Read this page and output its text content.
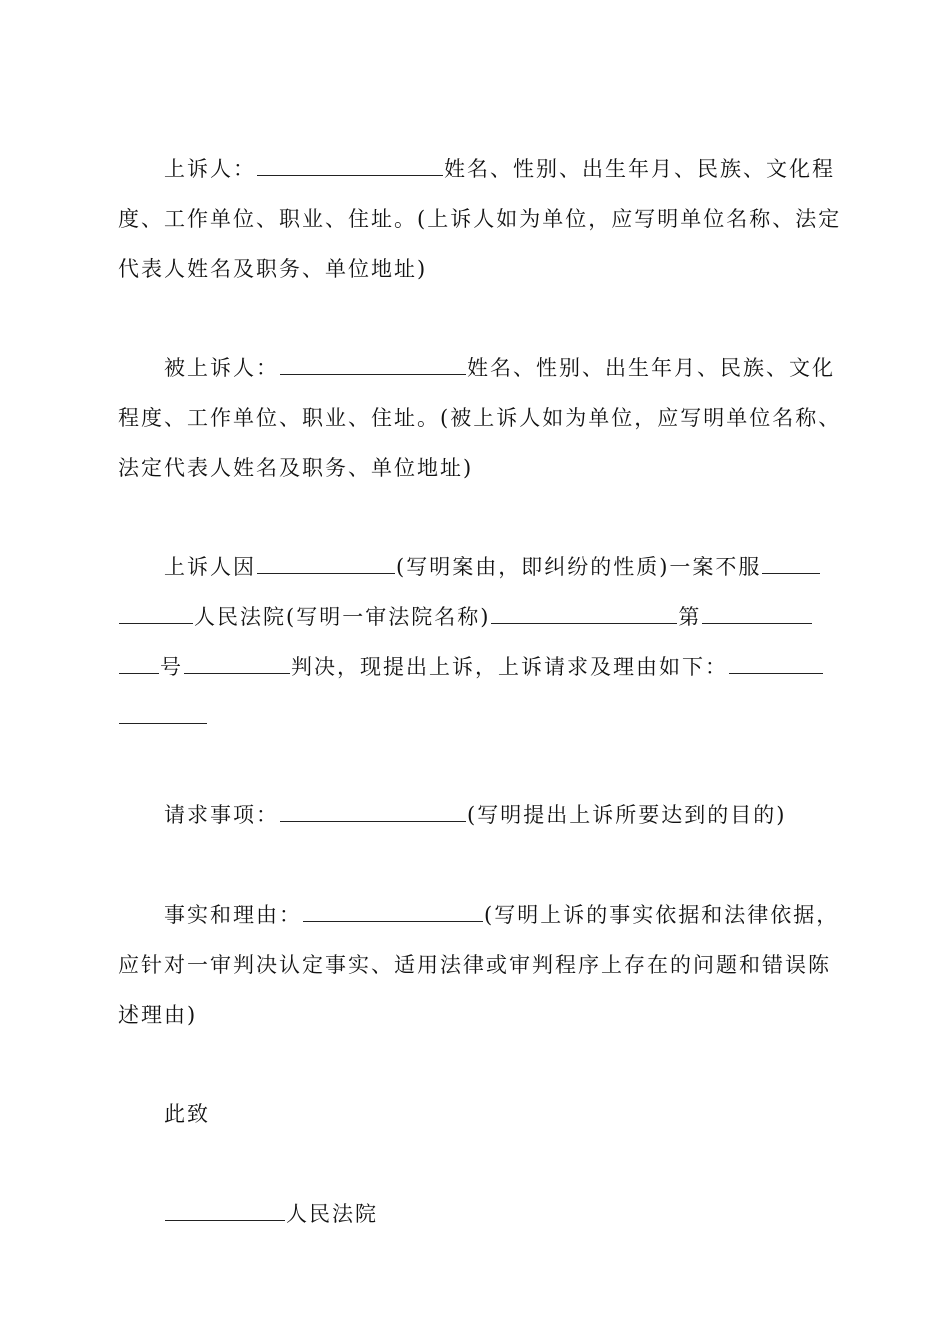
上诉人：	姓名、性别、出生年月、民族、文化程
度、工作单位、职业、住址。(上诉人如为单位，应写明单位名称、法定
代表人姓名及职务、单位地址)
被上诉人：	姓名、性别、出生年月、民族、文化
程度、工作单位、职业、住址。(被上诉人如为单位，应写明单位名称、
法定代表人姓名及职务、单位地址)
上诉人因	(写明案由，即纠纷的性质)一案不服
人民法院(写明一审法院名称)	第
号	判决，现提出上诉，上诉请求及理由如下：
请求事项：	(写明提出上诉所要达到的目的)
事实和理由：	(写明上诉的事实依据和法律依据，
应针对一审判决认定事实、适用法律或审判程序上存在的问题和错误陈
述理由)
此致
人民法院
